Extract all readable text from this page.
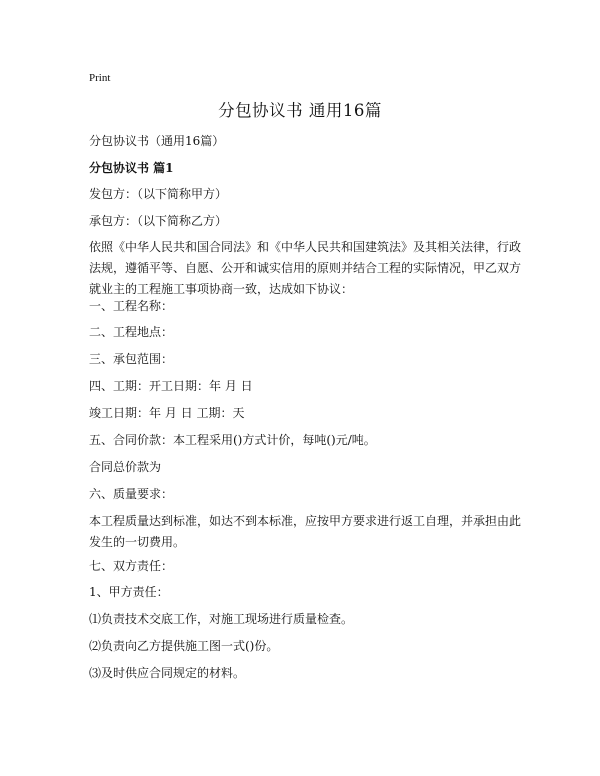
Print
分包协议书 通用16篇
分包协议书（通用16篇）
分包协议书 篇1
发包方：（以下简称甲方）
承包方：（以下简称乙方）
依照《中华人民共和国合同法》和《中华人民共和国建筑法》及其相关法律，行政法规，遵循平等、自愿、公开和诚实信用的原则并结合工程的实际情况，甲乙双方就业主的工程施工事项协商一致，达成如下协议：
一、工程名称：
二、工程地点：
三、承包范围：
四、工期：开工日期：年 月 日
竣工日期：年 月 日 工期：天
五、合同价款：本工程采用()方式计价，每吨()元/吨。
合同总价款为
六、质量要求：
本工程质量达到标准，如达不到本标准，应按甲方要求进行返工自理，并承担由此发生的一切费用。
七、双方责任：
1、甲方责任：
⑴负责技术交底工作，对施工现场进行质量检查。
⑵负责向乙方提供施工图一式()份。
⑶及时供应合同规定的材料。
